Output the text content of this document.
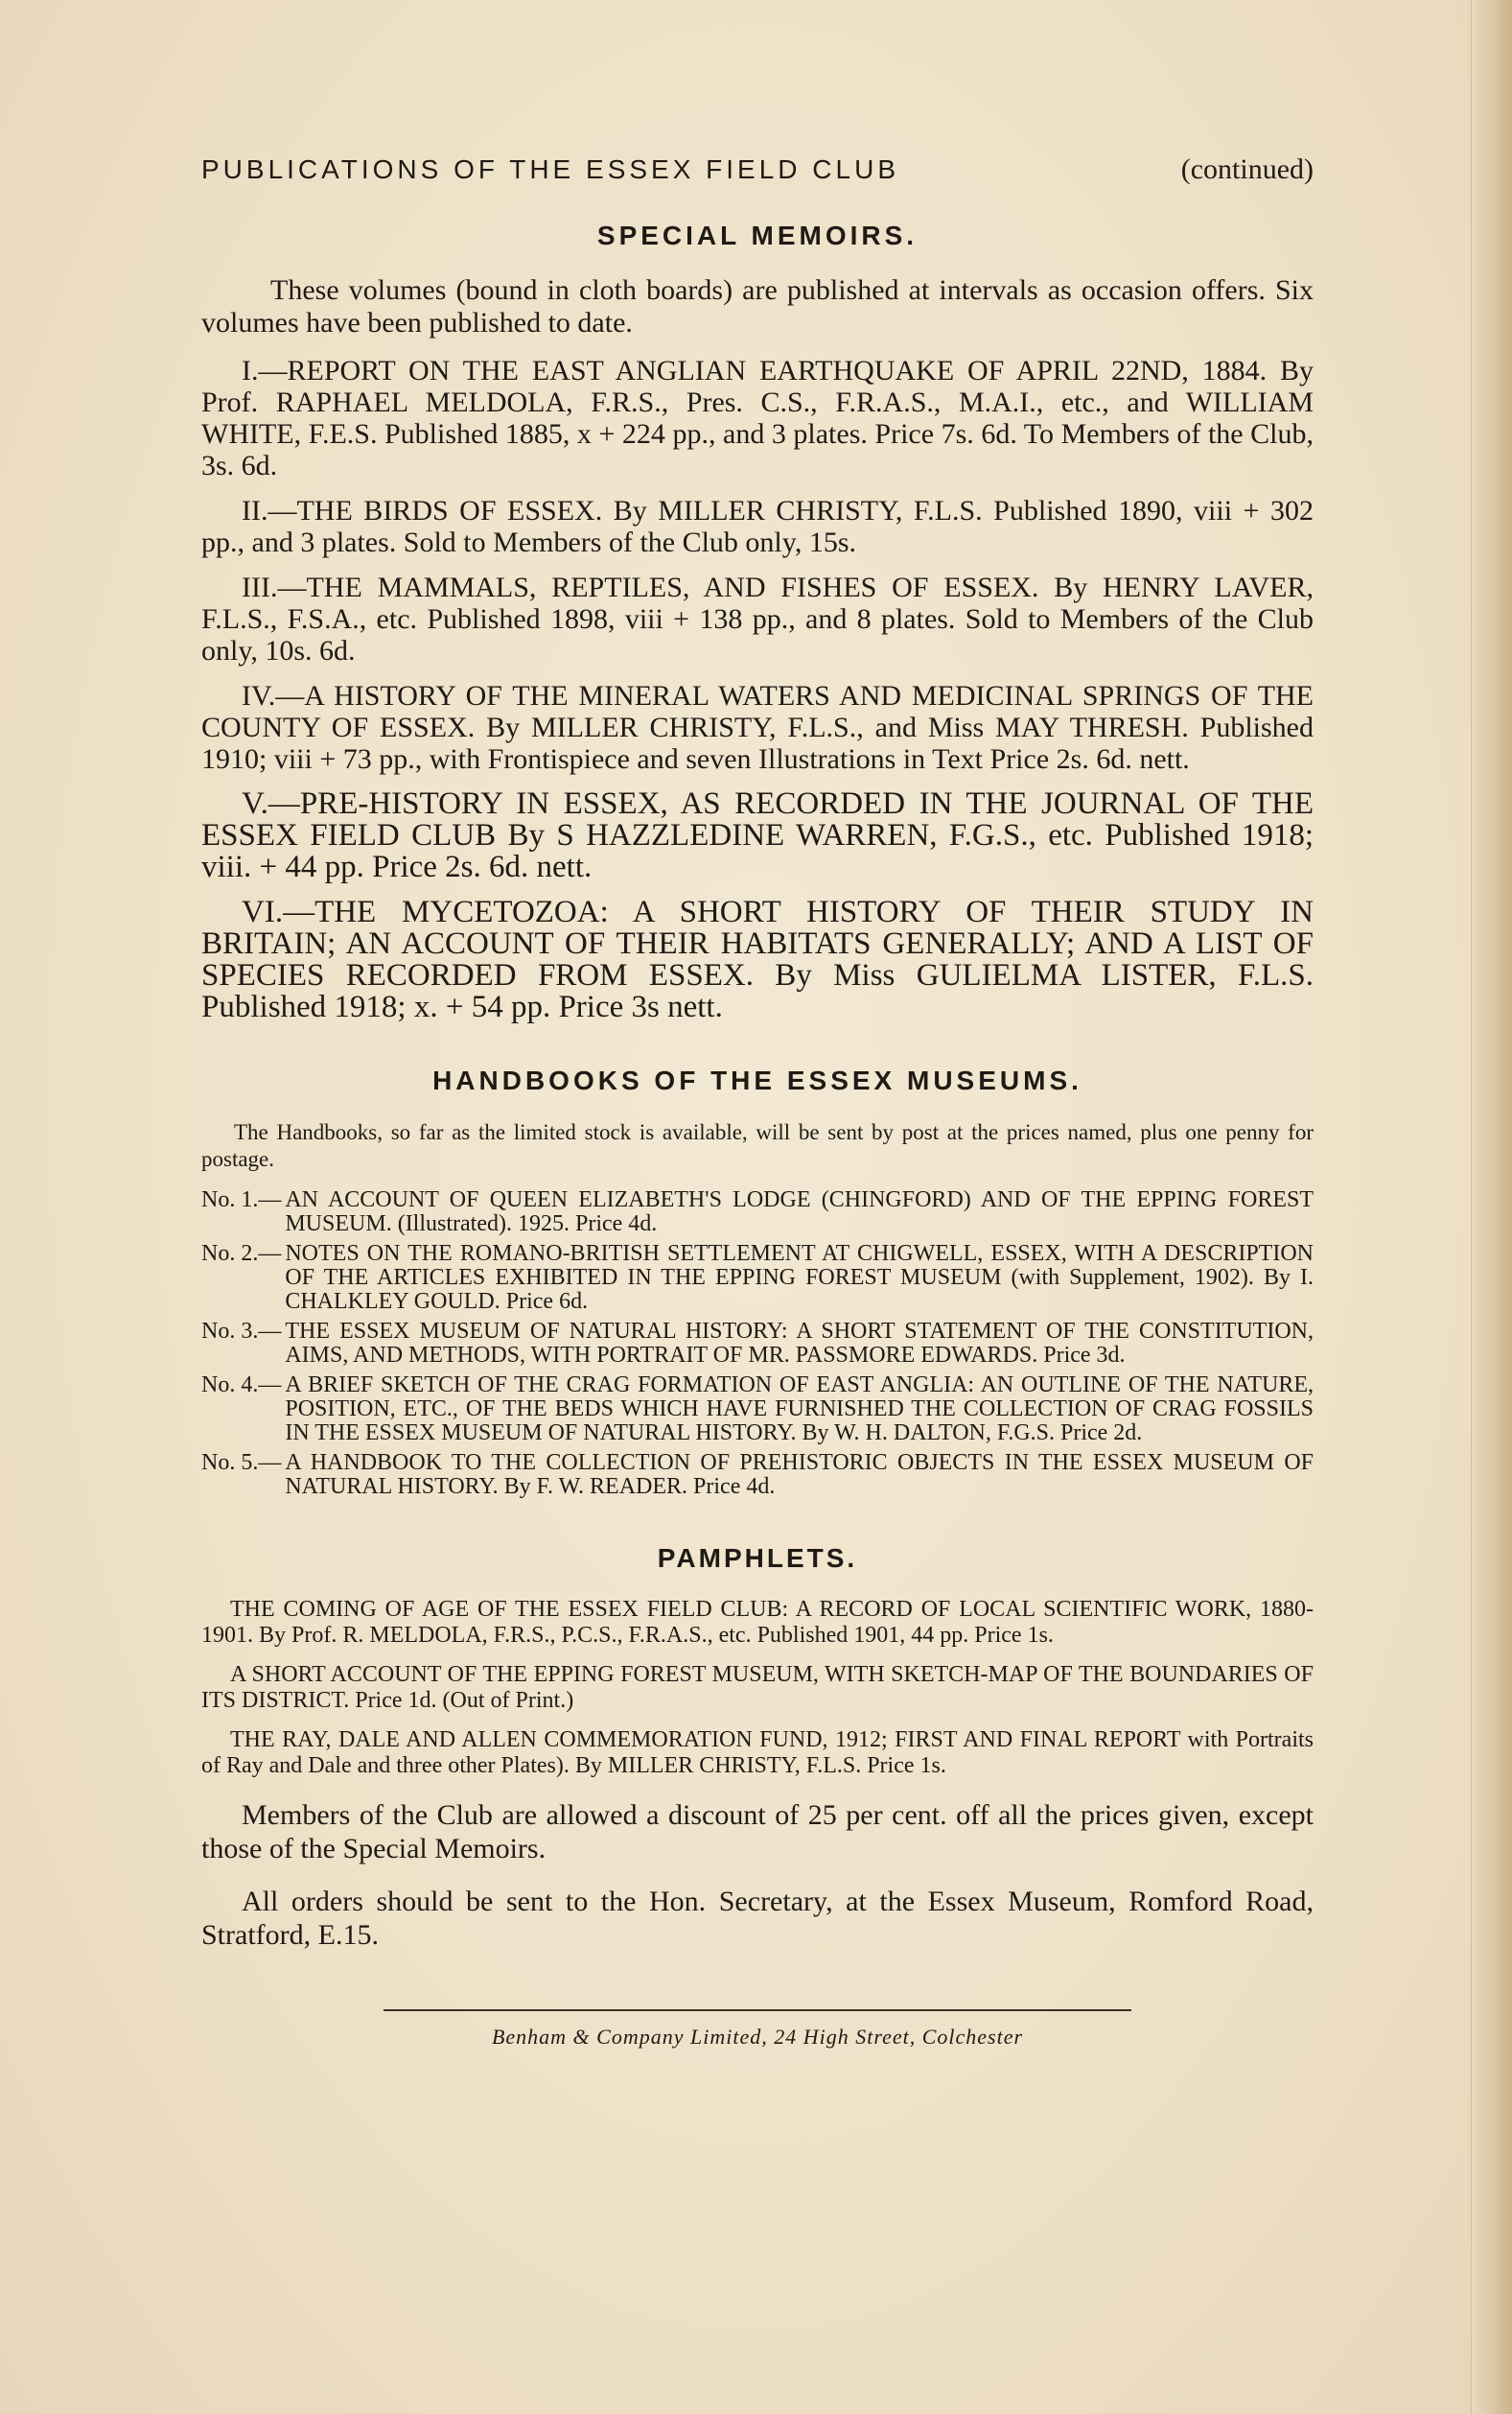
PUBLICATIONS OF THE ESSEX FIELD CLUB	(continued)
SPECIAL MEMOIRS.

These volumes (bound in cloth boards) are published at intervals as occasion offers. Six volumes have been published to date.

I.—REPORT ON THE EAST ANGLIAN EARTHQUAKE OF APRIL 22ND, 1884. By Prof. RAPHAEL MELDOLA, F.R.S., Pres. C.S., F.R.A.S., M.A.I., etc., and WILLIAM WHITE, F.E.S. Published 1885, x + 224 pp., and 3 plates. Price 7s. 6d. To Members of the Club, 3s. 6d.

II.—THE BIRDS OF ESSEX. By MILLER CHRISTY, F.L.S. Published 1890, viii + 302 pp., and 3 plates. Sold to Members of the Club only, 15s.

III.—THE MAMMALS, REPTILES, AND FISHES OF ESSEX. By HENRY LAVER, F.L.S., F.S.A., etc. Published 1898, viii + 138 pp., and 8 plates. Sold to Members of the Club only, 10s. 6d.

IV.—A HISTORY OF THE MINERAL WATERS AND MEDICINAL SPRINGS OF THE COUNTY OF ESSEX. By MILLER CHRISTY, F.L.S., and Miss MAY THRESH. Published 1910; viii + 73 pp., with Frontispiece and seven Illustrations in Text Price 2s. 6d. nett.

V.—PRE-HISTORY IN ESSEX, AS RECORDED IN THE JOURNAL OF THE ESSEX FIELD CLUB By S HAZZLEDINE WARREN, F.G.S., etc. Published 1918; viii. + 44 pp. Price 2s. 6d. nett.

VI.—THE MYCETOZOA: A SHORT HISTORY OF THEIR STUDY IN BRITAIN; AN ACCOUNT OF THEIR HABITATS GENERALLY; AND A LIST OF SPECIES RECORDED FROM ESSEX. By Miss GULIELMA LISTER, F.L.S. Published 1918; x. + 54 pp. Price 3s nett.

HANDBOOKS OF THE ESSEX MUSEUMS.

The Handbooks, so far as the limited stock is available, will be sent by post at the prices named, plus one penny for postage.

No. 1.— AN ACCOUNT OF QUEEN ELIZABETH'S LODGE (CHINGFORD) AND OF THE EPPING FOREST MUSEUM. (Illustrated). 1925. Price 4d.
No. 2.— NOTES ON THE ROMANO-BRITISH SETTLEMENT AT CHIGWELL, ESSEX, WITH A DESCRIPTION OF THE ARTICLES EXHIBITED IN THE EPPING FOREST MUSEUM (with Supplement, 1902). By I. CHALKLEY GOULD. Price 6d.
No. 3.— THE ESSEX MUSEUM OF NATURAL HISTORY: A SHORT STATEMENT OF THE CONSTITUTION, AIMS, AND METHODS, WITH PORTRAIT OF MR. PASSMORE EDWARDS. Price 3d.
No. 4.— A BRIEF SKETCH OF THE CRAG FORMATION OF EAST ANGLIA: AN OUTLINE OF THE NATURE, POSITION, ETC., OF THE BEDS WHICH HAVE FURNISHED THE COLLECTION OF CRAG FOSSILS IN THE ESSEX MUSEUM OF NATURAL HISTORY. By W. H. DALTON, F.G.S. Price 2d.
No. 5.— A HANDBOOK TO THE COLLECTION OF PREHISTORIC OBJECTS IN THE ESSEX MUSEUM OF NATURAL HISTORY. By F. W. READER. Price 4d.
PAMPHLETS.

THE COMING OF AGE OF THE ESSEX FIELD CLUB: A RECORD OF LOCAL SCIENTIFIC WORK, 1880-1901. By Prof. R. MELDOLA, F.R.S., P.C.S., F.R.A.S., etc. Published 1901, 44 pp. Price 1s.

A SHORT ACCOUNT OF THE EPPING FOREST MUSEUM, WITH SKETCH-MAP OF THE BOUNDARIES OF ITS DISTRICT. Price 1d. (Out of Print.)

THE RAY, DALE AND ALLEN COMMEMORATION FUND, 1912; FIRST AND FINAL REPORT with Portraits of Ray and Dale and three other Plates). By MILLER CHRISTY, F.L.S. Price 1s.

Members of the Club are allowed a discount of 25 per cent. off all the prices given, except those of the Special Memoirs.

All orders should be sent to the Hon. Secretary, at the Essex Museum, Romford Road, Stratford, E.15.

Benham & Company Limited, 24 High Street, Colchester
